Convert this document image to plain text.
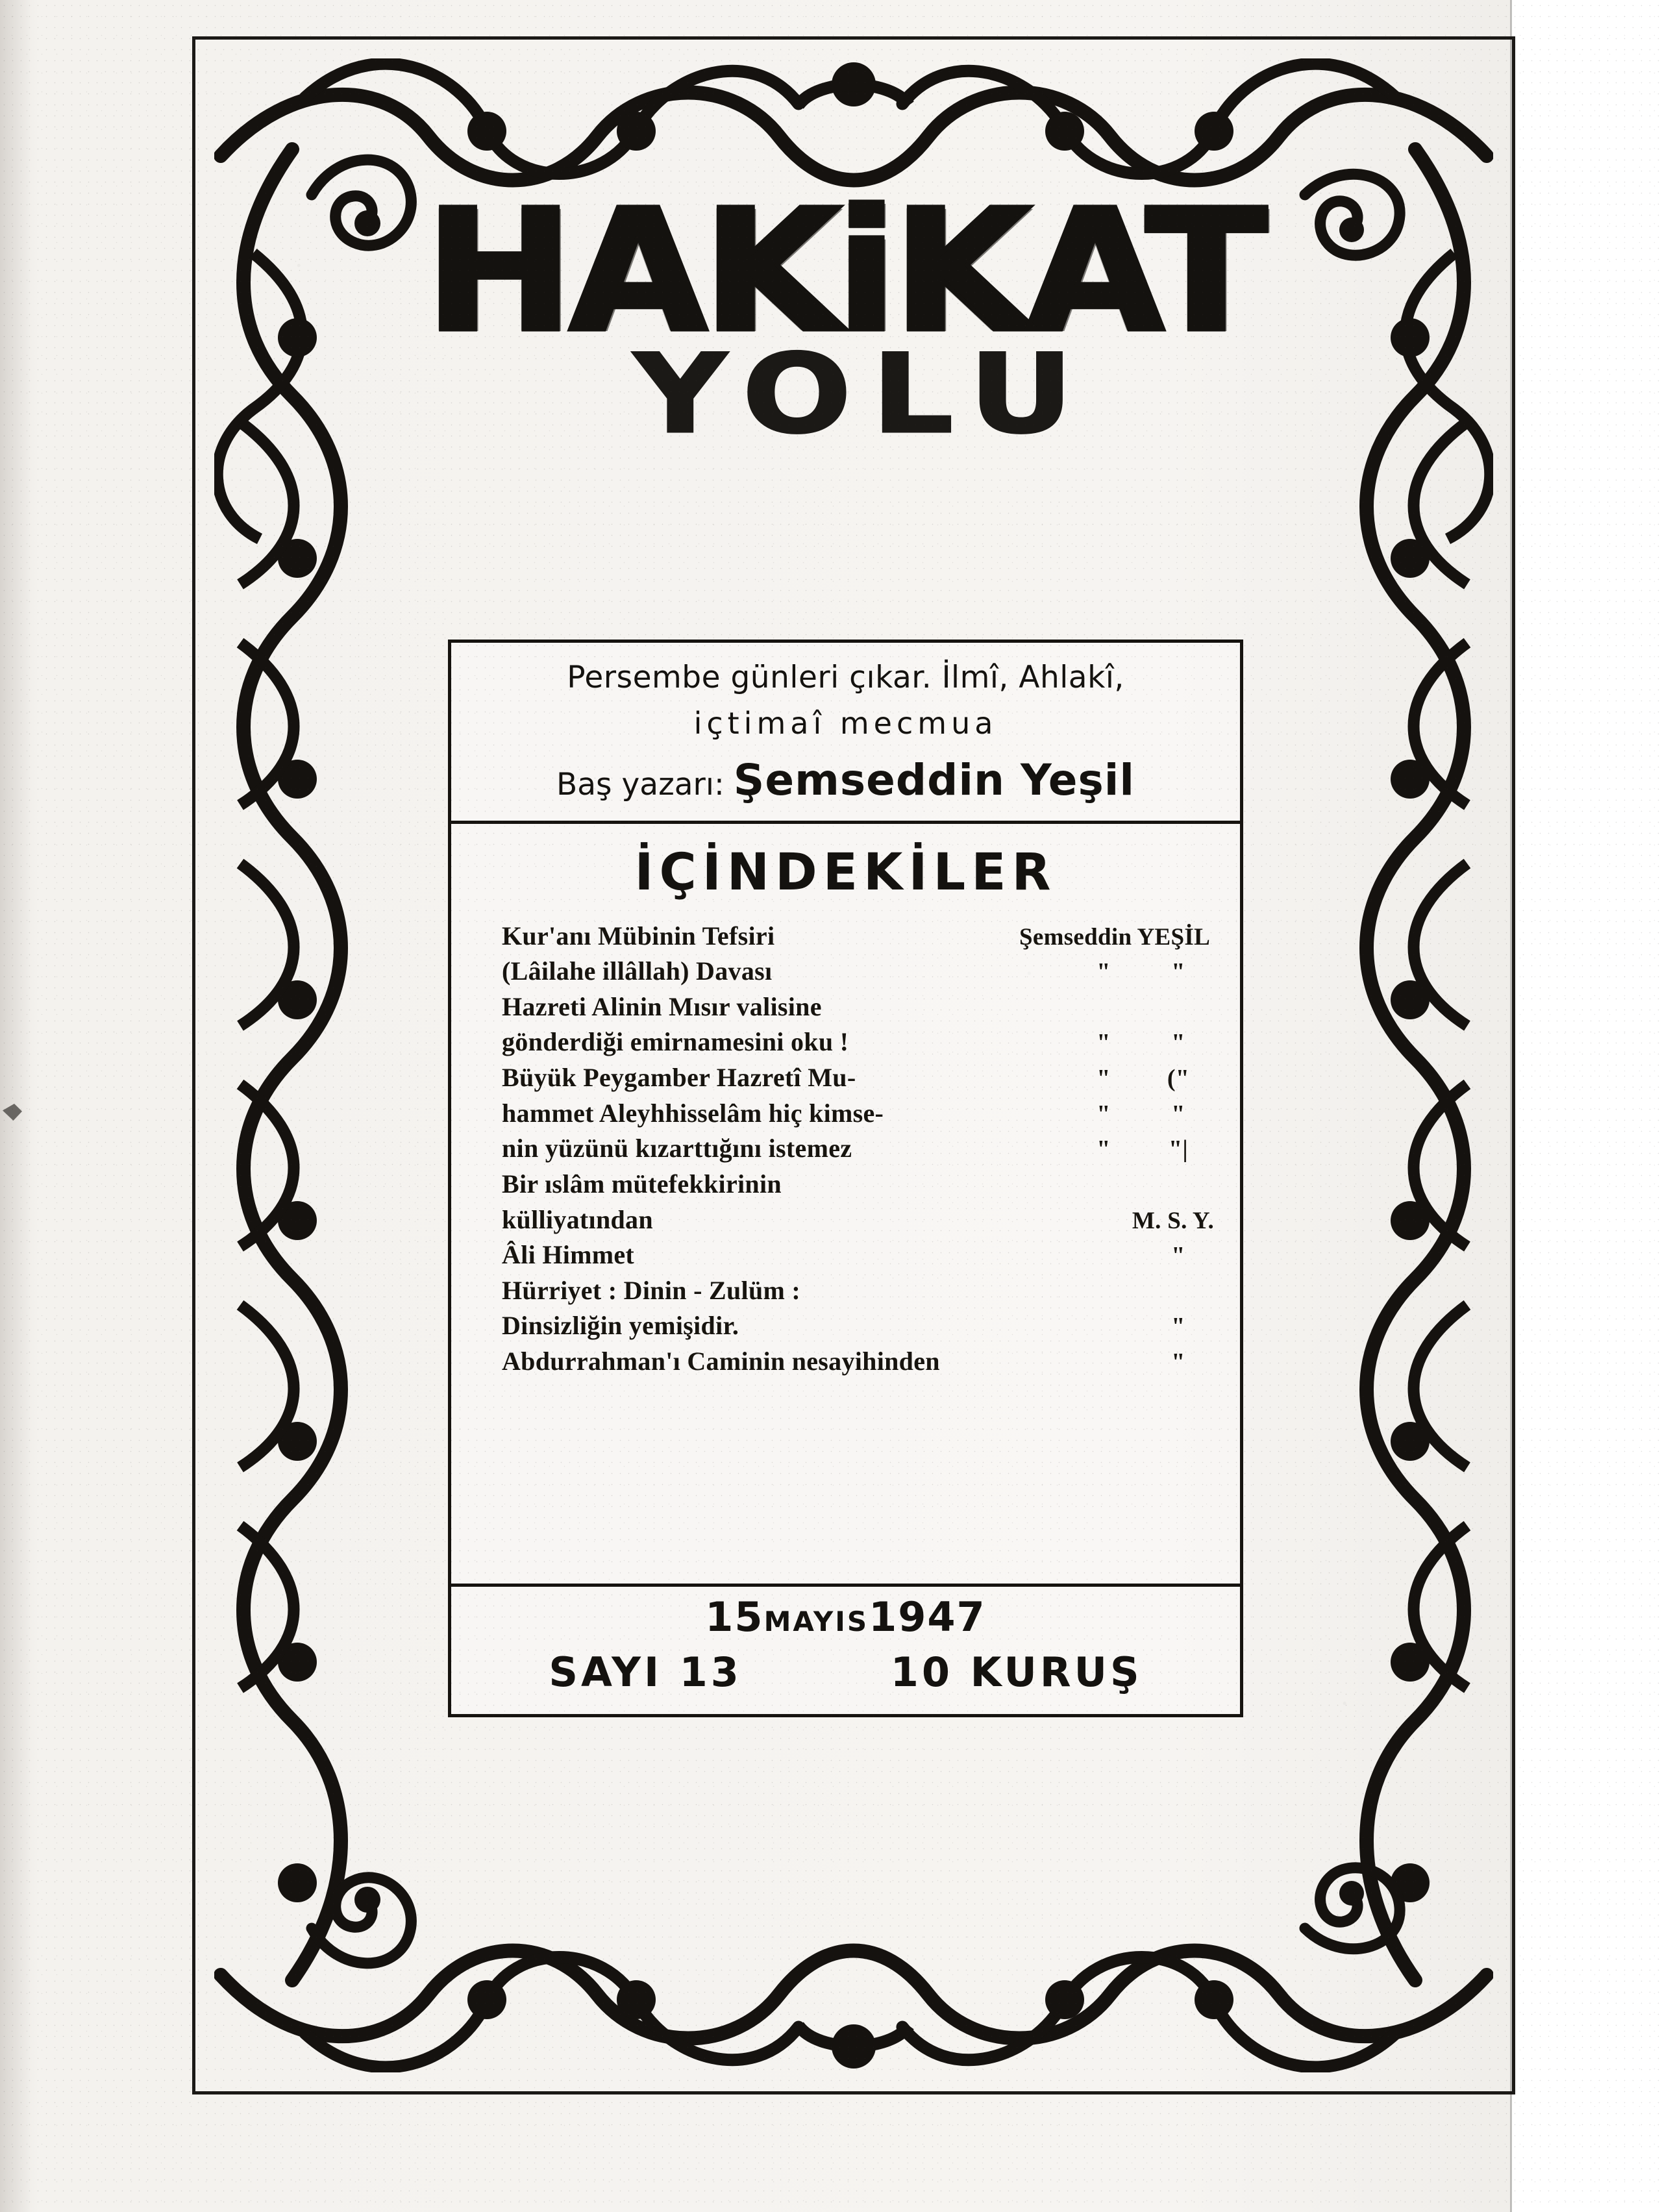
HAKiKAT
YOLU
Persembe günleri çıkar. İlmî, Ahlakî,
içtimaî mecmua
Baş yazarı: Şemseddin Yeşil
İÇİNDEKİLER
Kur'anı Mübinin Tefsiri	Şemseddin YEŞİL
(Lâilahe illâllah) Davası	"	"
Hazreti Alinin Mısır valisine
gönderdiği emirnamesini oku !	"	"
Büyük Peygamber Hazretî Mu-	"	("
hammet Aleyhhisselâm hiç kimse-	"	"
nin yüzünü kızarttığını istemez	"	"|
Bir ıslâm mütefekkirinin
külliyatından	M. S. Y.
Âli Himmet	"
Hürriyet : Dinin - Zulüm :
Dinsizliğin yemişidir.	"
Abdurrahman'ı Caminin nesayihinden	"
15MAYIS1947
SAYI 13	10 KURUŞ
